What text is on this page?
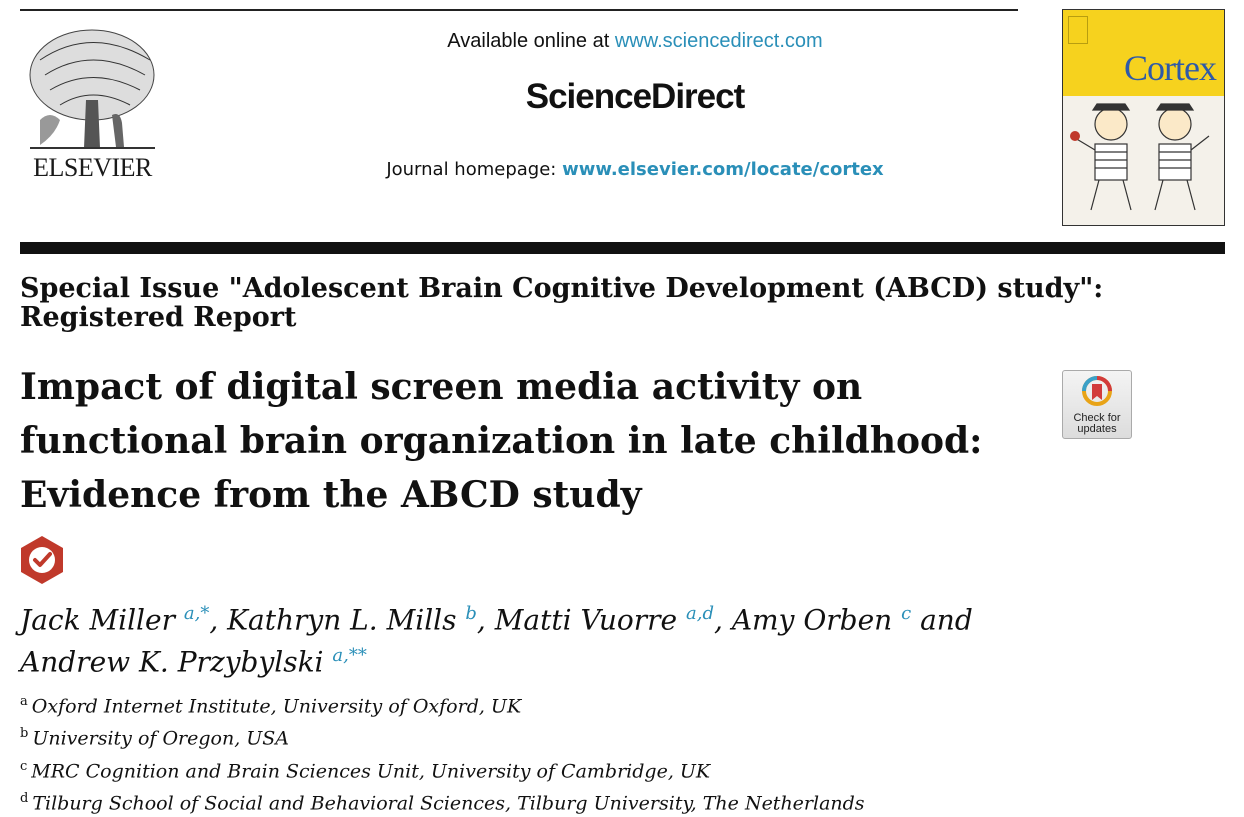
ELSEVIER
Available online at www.sciencedirect.com
ScienceDirect
Journal homepage: www.elsevier.com/locate/cortex
Cortex
Special Issue "Adolescent Brain Cognitive Development (ABCD) study": Registered Report
Impact of digital screen media activity on
functional brain organization in late childhood:
Evidence from the ABCD study
Check for
updates
Jack Miller $^{a,*}$, Kathryn L. Mills $^b$, Matti Vuorre $^{a,d}$, Amy Orben $^c$ and
Andrew K. Przybylski $^{a,**}$
$^a$ Oxford Internet Institute, University of Oxford, UK
$^b$ University of Oregon, USA
$^c$ MRC Cognition and Brain Sciences Unit, University of Cambridge, UK
$^d$ Tilburg School of Social and Behavioral Sciences, Tilburg University, The Netherlands
